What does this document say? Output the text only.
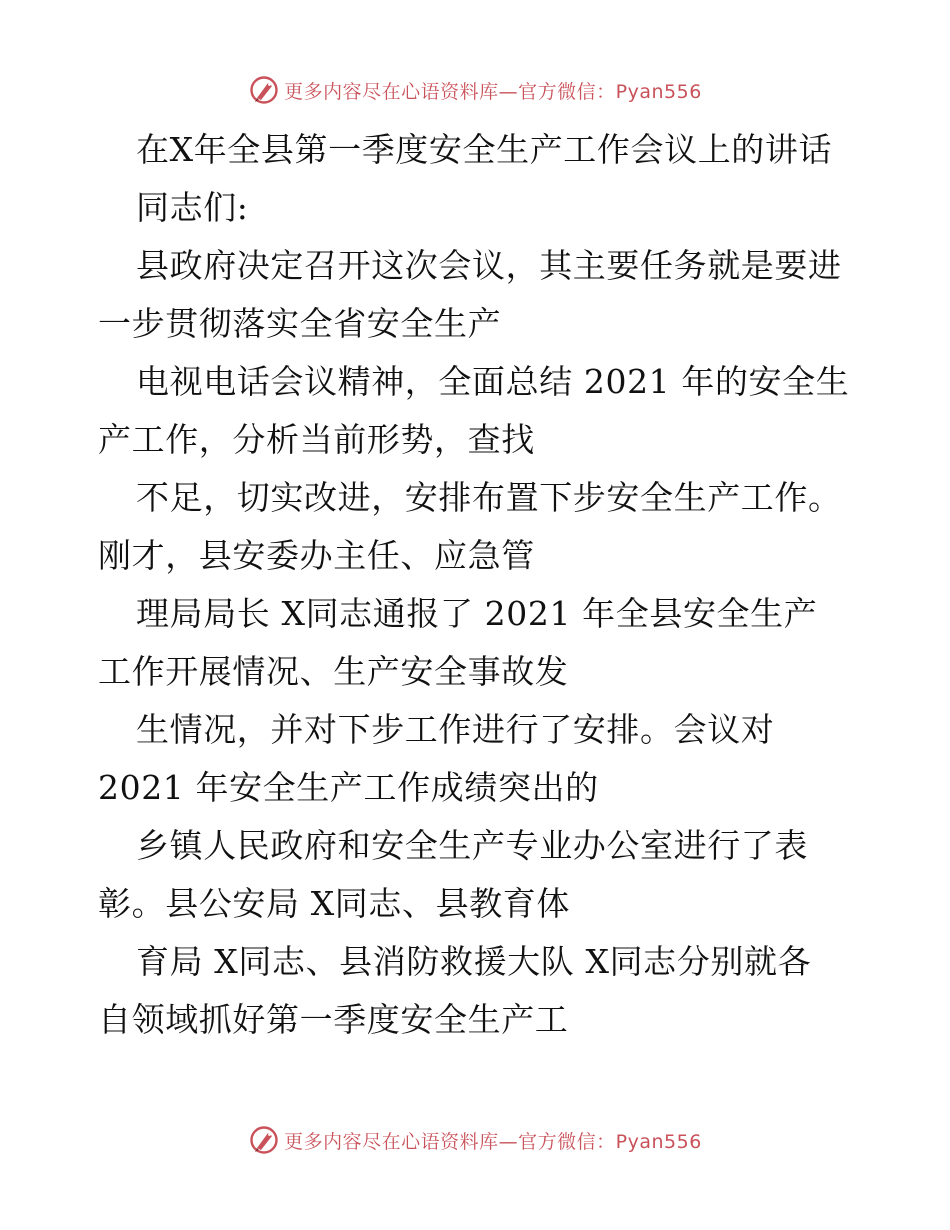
更多内容尽在心语资料库—官方微信：Pyan556
在X年全县第一季度安全生产工作会议上的讲话
同志们:
县政府决定召开这次会议，其主要任务就是要进
一步贯彻落实全省安全生产
电视电话会议精神，全面总结 2021 年的安全生
产工作，分析当前形势，查找
不足，切实改进，安排布置下步安全生产工作。
刚才，县安委办主任、应急管
理局局长 X同志通报了 2021 年全县安全生产
工作开展情况、生产安全事故发
生情况，并对下步工作进行了安排。会议对
2021 年安全生产工作成绩突出的
乡镇人民政府和安全生产专业办公室进行了表
彰。县公安局 X同志、县教育体
育局 X同志、县消防救援大队 X同志分别就各
自领域抓好第一季度安全生产工
更多内容尽在心语资料库—官方微信：Pyan556
